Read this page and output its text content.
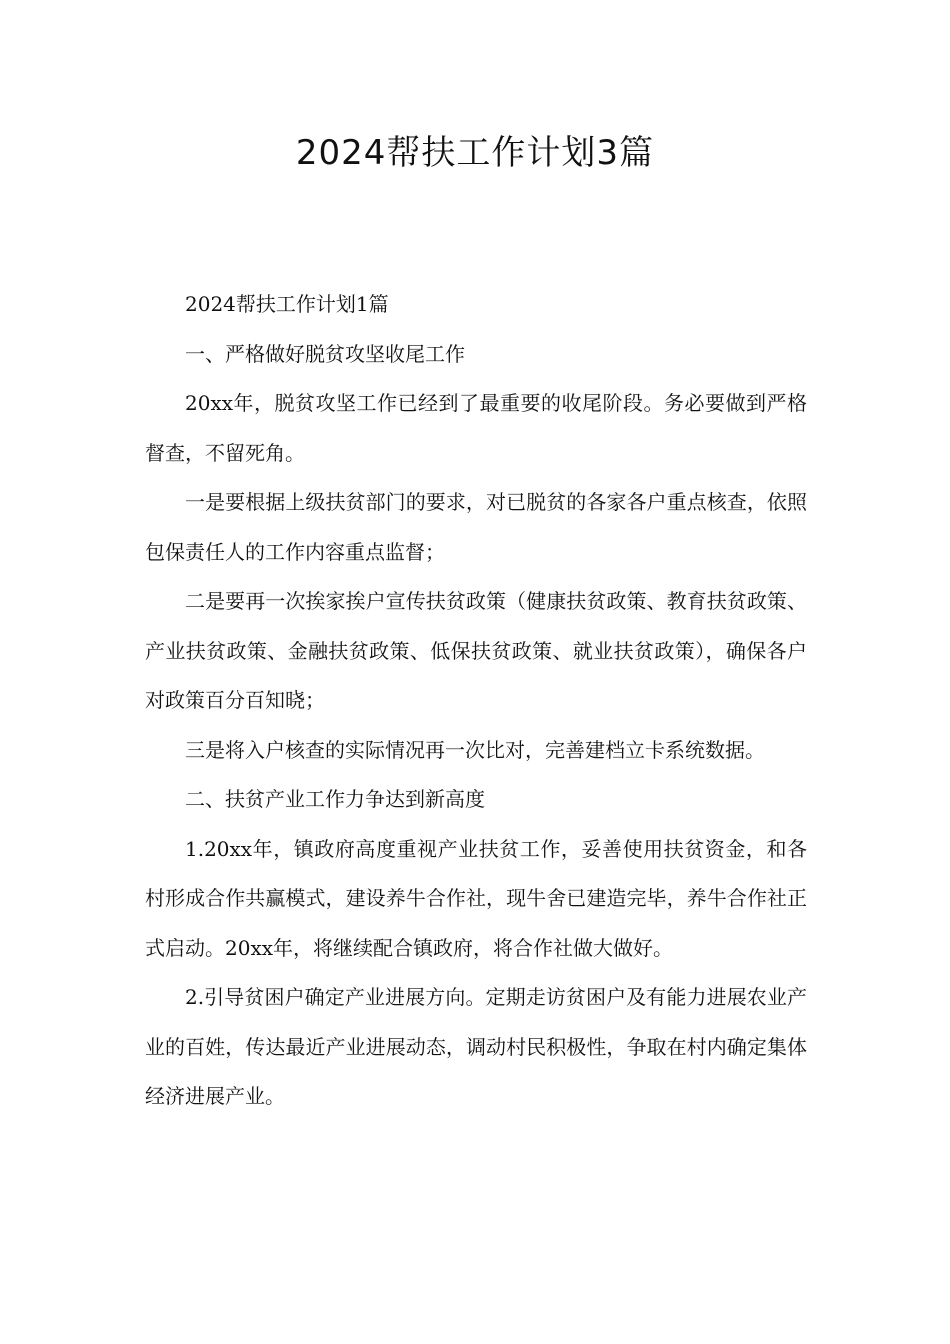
2024帮扶工作计划3篇

2024帮扶工作计划1篇

一、严格做好脱贫攻坚收尾工作

20xx年，脱贫攻坚工作已经到了最重要的收尾阶段。务必要做到严格督查，不留死角。

一是要根据上级扶贫部门的要求，对已脱贫的各家各户重点核查，依照包保责任人的工作内容重点监督；

二是要再一次挨家挨户宣传扶贫政策（健康扶贫政策、教育扶贫政策、产业扶贫政策、金融扶贫政策、低保扶贫政策、就业扶贫政策），确保各户对政策百分百知晓；

三是将入户核查的实际情况再一次比对，完善建档立卡系统数据。

二、扶贫产业工作力争达到新高度

1.20xx年，镇政府高度重视产业扶贫工作，妥善使用扶贫资金，和各村形成合作共赢模式，建设养牛合作社，现牛舍已建造完毕，养牛合作社正式启动。20xx年，将继续配合镇政府，将合作社做大做好。

2.引导贫困户确定产业进展方向。定期走访贫困户及有能力进展农业产业的百姓，传达最近产业进展动态，调动村民积极性，争取在村内确定集体经济进展产业。
